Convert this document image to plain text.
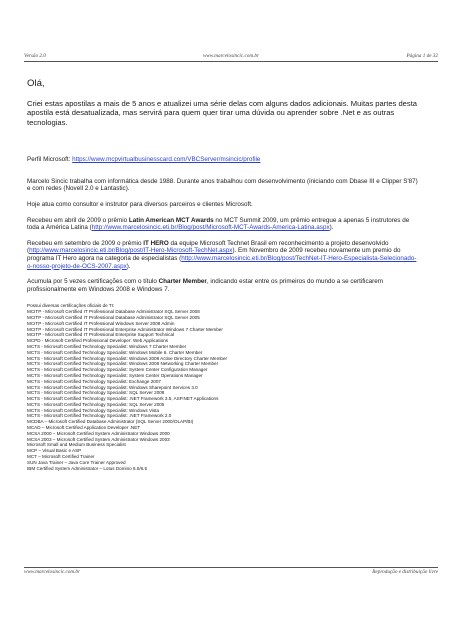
Versão 2.0	www.marcelosincic.com.br	Página 1 de 32
Olá,
Criei estas apostilas a mais de 5 anos e atualizei uma série delas com alguns dados adicionais. Muitas partes desta apostila está desatualizada, mas servirá para quem quer tirar uma dúvida ou aprender sobre .Net e as outras tecnologias.
Perfil Microsoft: https://www.mcpvirtualbusinesscard.com/VBCServer/msincic/profile
Marcelo Sincic trabalha com informática desde 1988. Durante anos trabalhou com desenvolvimento (iniciando com Dbase III e Clipper S'87) e com redes (Novell 2.0 e Lantastic).
Hoje atua como consultor e instrutor para diversos parceiros e clientes Microsoft.
Recebeu em abril de 2009 o prêmio Latin American MCT Awards no MCT Summit 2009, um prêmio entregue a apenas 5 instrutores de toda a América Latina (http://www.marcelosincic.eti.br/Blog/post/Microsoft-MCT-Awards-America-Latina.aspx).
Recebeu em setembro de 2009 o prêmio IT HERO da equipe Microsoft Technet Brasil em reconhecimento a projeto desenvolvido (http://www.marcelosincic.eti.br/Blog/post/IT-Hero-Microsoft-TechNet.aspx). Em Novembro de 2009 recebeu novamente um premio do programa IT Hero agora na categoria de especialistas (http://www.marcelosincic.eti.br/Blog/post/TechNet-IT-Hero-Especialista-Selecionado-o-nosso-projeto-de-OCS-2007.aspx).
Acumula por 5 vezes certificações com o título Charter Member, indicando estar entre os primeiros do mundo a se certificarem profissionalmente em Windows 2008 e Windows 7.
Possui diversas certificações oficiais de TI:
MCITP - Microsoft Certified IT Professional Database Administrator SQL Server 2008
MCITP - Microsoft Certified IT Professional Database Administrator SQL Server 2005
MCITP - Microsoft Certified IT Professional Windows Server 2008 Admin
MCITP - Microsoft Certified IT Professional Enterprise Administrator Windows 7 Charter Member
MCITP - Microsoft Certified IT Professional Enterprise Support Technical
MCPD - Microsoft Certified Professional Developer: Web Applications
MCTS - Microsoft Certified Technology Specialist: Windows 7 Charter Member
MCTS - Microsoft Certified Technology Specialist: Windows Mobile 6. Charter Member
MCTS - Microsoft Certified Technology Specialist: Windows 2008 Active Directory Charter Member
MCTS - Microsoft Certified Technology Specialist: Windows 2008 Networking Charter Member
MCTS - Microsoft Certified Technology Specialist: System Center Configuration Manager
MCTS - Microsoft Certified Technology Specialist: System Center Operations Manager
MCTS - Microsoft Certified Technology Specialist: Exchange 2007
MCTS - Microsoft Certified Technology Specialist: Windows Sharepoint Services 3.0
MCTS - Microsoft Certified Technology Specialist: SQL Server 2008
MCTS - Microsoft Certified Technology Specialist: .NET Framework 3.5, ASP.NET Applications
MCTS - Microsoft Certified Technology Specialist: SQL Server 2005
MCTS - Microsoft Certified Technology Specialist: Windows Vista
MCTS - Microsoft Certified Technology Specialist: .NET Framework 2.0
MCDBA – Microsoft Certified Database Administrator (SQL Server 2000/OLAP/BI)
MCAD – Microsoft Certified Application Developer .NET
MCSA 2000 – Microsoft Certified System Administrator Windows 2000
MCSA 2003 – Microsoft Certified System Administrator Windows 2003
Microsoft Small and Medium Business Specialist
MCP – Visual Basic e ASP
MCT – Microsoft Certified Trainer
SUN Java Trainer – Java Core Trainer Approved
IBM Certified System Administrator – Lotus Domino 6.0/6.5
www.marcelosincic.com.br	Reprodução e distribuição livre
